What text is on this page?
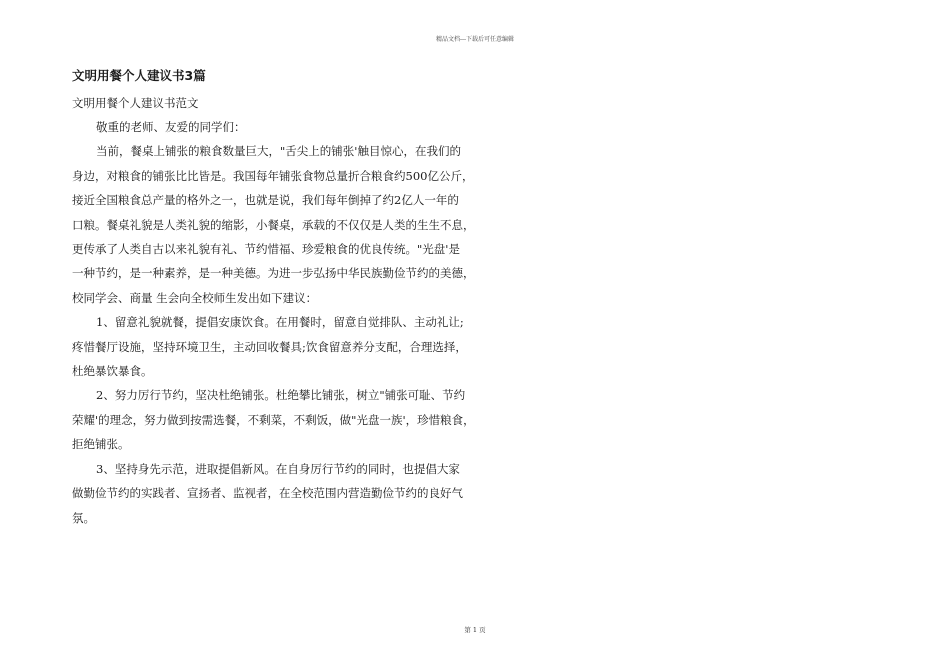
精品文档---下载后可任意编辑
文明用餐个人建议书3篇

文明用餐个人建议书范文

敬重的老师、友爱的同学们：

当前，餐桌上铺张的粮食数量巨大，"舌尖上的铺张'触目惊心，在我们的

身边，对粮食的铺张比比皆是。我国每年铺张食物总量折合粮食约500亿公斤，

接近全国粮食总产量的格外之一，也就是说，我们每年倒掉了约2亿人一年的

口粮。餐桌礼貌是人类礼貌的缩影，小餐桌，承载的不仅仅是人类的生生不息，

更传承了人类自古以来礼貌有礼、节约惜福、珍爱粮食的优良传统。"光盘'是

一种节约，是一种素养，是一种美德。为进一步弘扬中华民族勤俭节约的美德，

校同学会、商量 生会向全校师生发出如下建议：

1、留意礼貌就餐，提倡安康饮食。在用餐时，留意自觉排队、主动礼让;

疼惜餐厅设施，坚持环境卫生，主动回收餐具;饮食留意养分支配，合理选择，

杜绝暴饮暴食。

2、努力厉行节约，坚决杜绝铺张。杜绝攀比铺张，树立"铺张可耻、节约

荣耀'的理念，努力做到按需选餐，不剩菜，不剩饭，做"光盘一族'，珍惜粮食，

拒绝铺张。

3、坚持身先示范，进取提倡新风。在自身厉行节约的同时，也提倡大家

做勤俭节约的实践者、宣扬者、监视者，在全校范围内营造勤俭节约的良好气

氛。

第 1 页
